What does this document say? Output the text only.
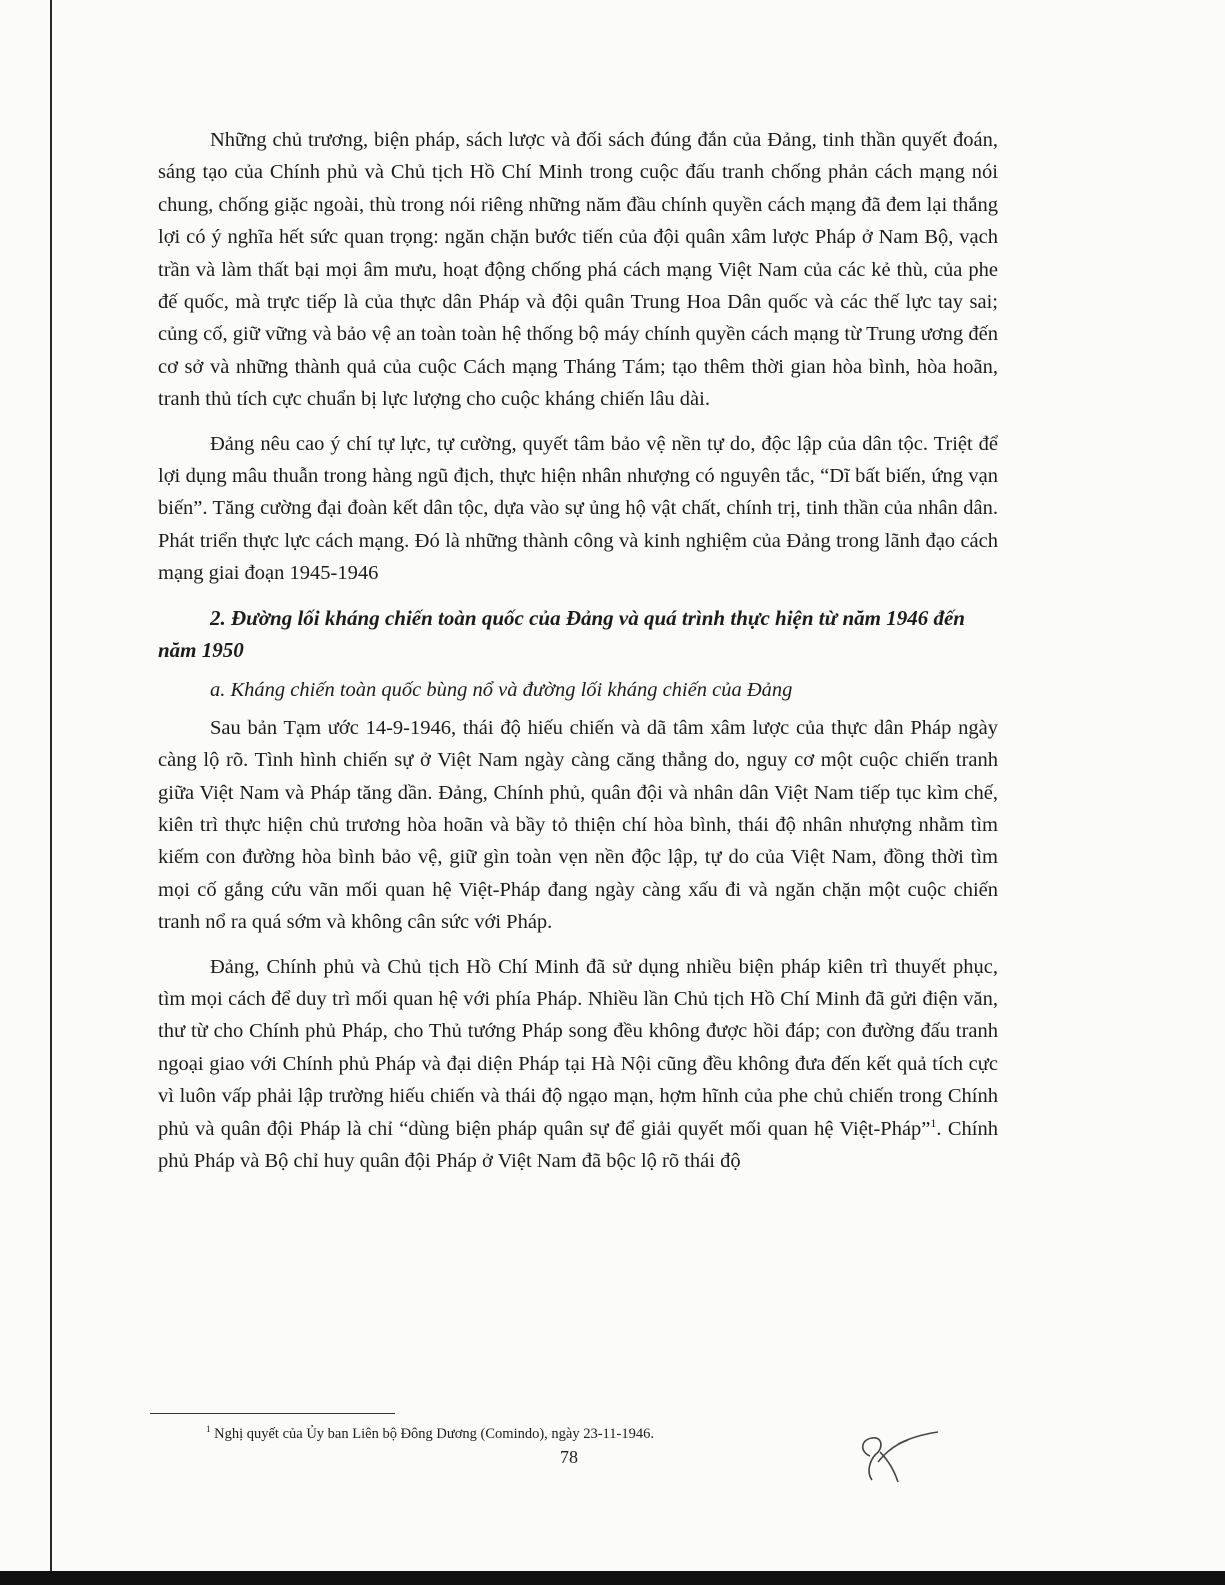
Những chủ trương, biện pháp, sách lược và đối sách đúng đắn của Đảng, tinh thần quyết đoán, sáng tạo của Chính phủ và Chủ tịch Hồ Chí Minh trong cuộc đấu tranh chống phản cách mạng nói chung, chống giặc ngoài, thù trong nói riêng những năm đầu chính quyền cách mạng đã đem lại thắng lợi có ý nghĩa hết sức quan trọng: ngăn chặn bước tiến của đội quân xâm lược Pháp ở Nam Bộ, vạch trần và làm thất bại mọi âm mưu, hoạt động chống phá cách mạng Việt Nam của các kẻ thù, của phe đế quốc, mà trực tiếp là của thực dân Pháp và đội quân Trung Hoa Dân quốc và các thế lực tay sai; củng cố, giữ vững và bảo vệ an toàn toàn hệ thống bộ máy chính quyền cách mạng từ Trung ương đến cơ sở và những thành quả của cuộc Cách mạng Tháng Tám; tạo thêm thời gian hòa bình, hòa hoãn, tranh thủ tích cực chuẩn bị lực lượng cho cuộc kháng chiến lâu dài.

Đảng nêu cao ý chí tự lực, tự cường, quyết tâm bảo vệ nền tự do, độc lập của dân tộc. Triệt để lợi dụng mâu thuẫn trong hàng ngũ địch, thực hiện nhân nhượng có nguyên tắc, “Dĩ bất biến, ứng vạn biến”. Tăng cường đại đoàn kết dân tộc, dựa vào sự ủng hộ vật chất, chính trị, tinh thần của nhân dân. Phát triển thực lực cách mạng. Đó là những thành công và kinh nghiệm của Đảng trong lãnh đạo cách mạng giai đoạn 1945-1946

2. Đường lối kháng chiến toàn quốc của Đảng và quá trình thực hiện từ năm 1946 đến năm 1950

a. Kháng chiến toàn quốc bùng nổ và đường lối kháng chiến của Đảng

Sau bản Tạm ước 14-9-1946, thái độ hiếu chiến và dã tâm xâm lược của thực dân Pháp ngày càng lộ rõ. Tình hình chiến sự ở Việt Nam ngày càng căng thẳng do, nguy cơ một cuộc chiến tranh giữa Việt Nam và Pháp tăng dần. Đảng, Chính phủ, quân đội và nhân dân Việt Nam tiếp tục kìm chế, kiên trì thực hiện chủ trương hòa hoãn và bầy tỏ thiện chí hòa bình, thái độ nhân nhượng nhằm tìm kiếm con đường hòa bình bảo vệ, giữ gìn toàn vẹn nền độc lập, tự do của Việt Nam, đồng thời tìm mọi cố gắng cứu vãn mối quan hệ Việt-Pháp đang ngày càng xấu đi và ngăn chặn một cuộc chiến tranh nổ ra quá sớm và không cân sức với Pháp.

Đảng, Chính phủ và Chủ tịch Hồ Chí Minh đã sử dụng nhiều biện pháp kiên trì thuyết phục, tìm mọi cách để duy trì mối quan hệ với phía Pháp. Nhiều lần Chủ tịch Hồ Chí Minh đã gửi điện văn, thư từ cho Chính phủ Pháp, cho Thủ tướng Pháp song đều không được hồi đáp; con đường đấu tranh ngoại giao với Chính phủ Pháp và đại diện Pháp tại Hà Nội cũng đều không đưa đến kết quả tích cực vì luôn vấp phải lập trường hiếu chiến và thái độ ngạo mạn, hợm hĩnh của phe chủ chiến trong Chính phủ và quân đội Pháp là chỉ “dùng biện pháp quân sự để giải quyết mối quan hệ Việt-Pháp”$^1$. Chính phủ Pháp và Bộ chỉ huy quân đội Pháp ở Việt Nam đã bộc lộ rõ thái độ

$^1$ Nghị quyết của Ủy ban Liên bộ Đông Dương (Comindo), ngày 23-11-1946.
78
